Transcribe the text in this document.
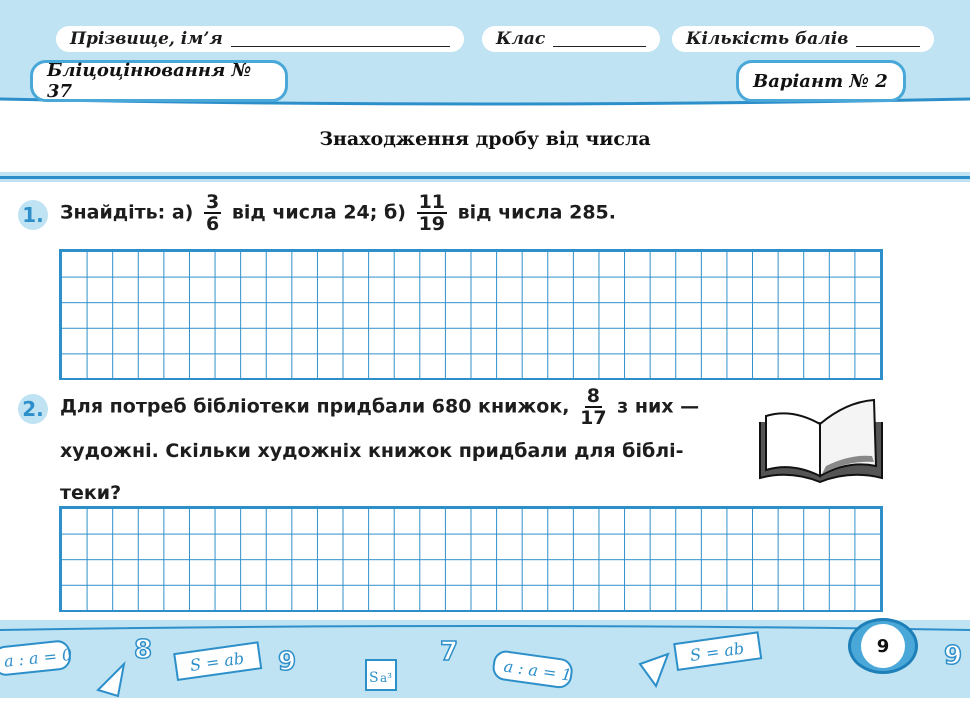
Прізвище, ім’я	Клас	Кількість балів
Бліцоцінювання № 37	Варіант № 2
Знаходження дробу від числа
1. Знайдіть: $а) \frac{3}{6}$ від числа 24; $б) \frac{11}{19}$ від числа 285.
2. Для потреб бібліотеки придбали 680 книжок, $\frac{8}{17}$ з них —
художні. Скільки художніх книжок придбали для біблі-
теки?
a : a = 0 8 S = ab 9
S a³
7
a : a = 1
S = ab	9
9
